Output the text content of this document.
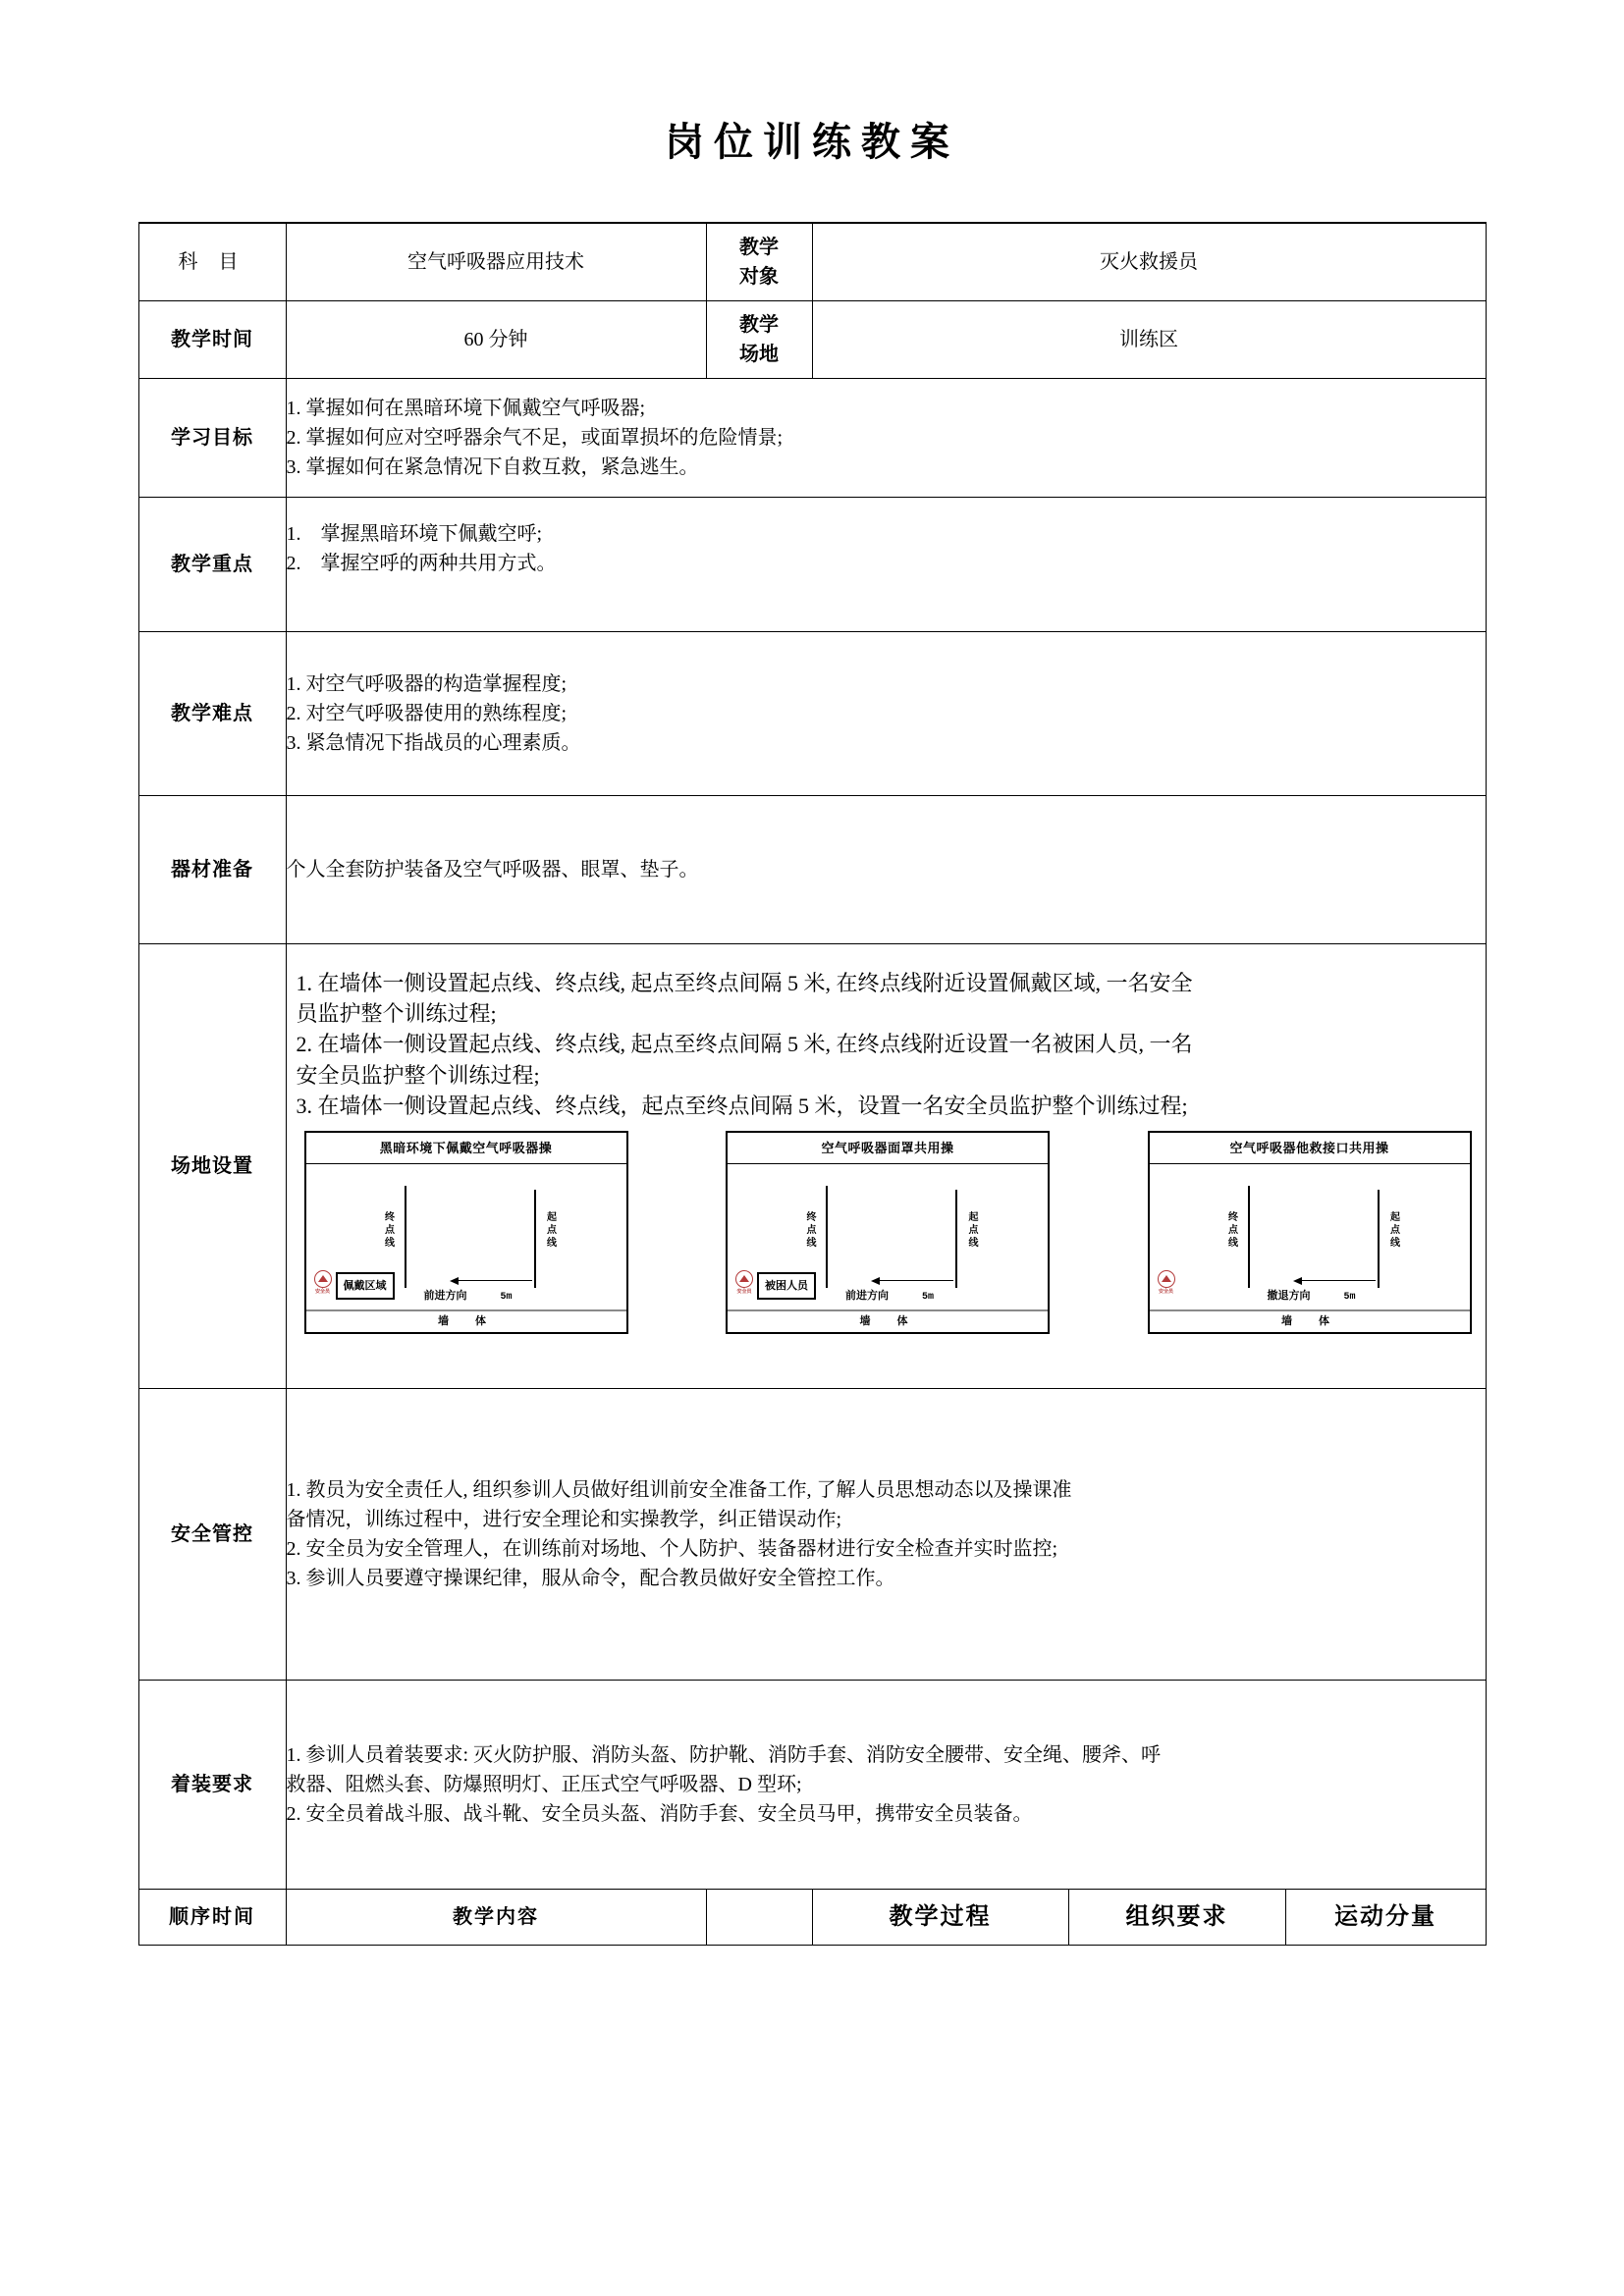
岗位训练教案
科 目	空气呼吸器应用技术	
教学
对象
	灭火救援员
教学时间	60 分钟	
教学
场地
	训练区
学习目标	
1. 掌握如何在黑暗环境下佩戴空气呼吸器;
2. 掌握如何应对空呼器余气不足，或面罩损坏的危险情景;
3. 掌握如何在紧急情况下自救互救，紧急逃生。

教学重点	
1.　掌握黑暗环境下佩戴空呼;
2.　掌握空呼的两种共用方式。

教学难点	
1. 对空气呼吸器的构造掌握程度;
2. 对空气呼吸器使用的熟练程度;
3. 紧急情况下指战员的心理素质。

器材准备	个人全套防护装备及空气呼吸器、眼罩、垫子。

场地设置	
1. 在墙体一侧设置起点线、终点线, 起点至终点间隔 5 米, 在终点线附近设置佩戴区域, 一名安全
员监护整个训练过程;
2. 在墙体一侧设置起点线、终点线, 起点至终点间隔 5 米, 在终点线附近设置一名被困人员, 一名
安全员监护整个训练过程;
3. 在墙体一侧设置起点线、终点线，起点至终点间隔 5 米，设置一名安全员监护整个训练过程;
黑暗环境下佩戴空气呼吸器操
终点线	起点线
佩戴区域
前进方向	5m
安全员
墙　体
空气呼吸器面罩共用操
终点线	起点线
被困人员
前进方向	5m
安全员
墙　体
空气呼吸器他救接口共用操
终点线	起点线
撤退方向	5m
安全员
墙　体

安全管控	
1. 教员为安全责任人, 组织参训人员做好组训前安全准备工作, 了解人员思想动态以及操课准
备情况，训练过程中，进行安全理论和实操教学，纠正错误动作;
2. 安全员为安全管理人，在训练前对场地、个人防护、装备器材进行安全检查并实时监控;
3. 参训人员要遵守操课纪律，服从命令，配合教员做好安全管控工作。

着装要求	
1. 参训人员着装要求: 灭火防护服、消防头盔、防护靴、消防手套、消防安全腰带、安全绳、腰斧、呼
救器、阻燃头套、防爆照明灯、正压式空气呼吸器、D 型环;
2. 安全员着战斗服、战斗靴、安全员头盔、消防手套、安全员马甲，携带安全员装备。

顺序时间	教学内容			教学过程	组织要求	运动分量
